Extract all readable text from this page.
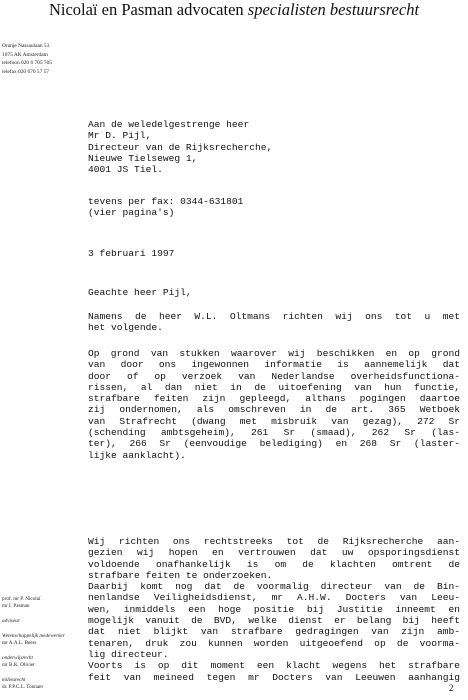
Nicolaï en Pasman advocaten specialisten bestuursrecht
Oranje Nassaulaan 53
1075 AK Amsterdam
telefoon 020 6 705 705
telefax 020 670 57 57
Aan de weledelgestrenge heer
Mr D. Pijl,
Directeur van de Rijksrecherche,
Nieuwe Tielseweg 1,
4001 JS Tiel.
tevens per fax: 0344-631801
(vier pagina's)
3 februari 1997
Geachte heer Pijl,
Namens de heer W.L. Oltmans richten wij ons tot u met
het volgende.
Op grond van stukken waarover wij beschikken en op grond
van door ons ingewonnen informatie is aannemelijk dat
door of op verzoek van Nederlandse overheidsfunctiona-
rissen, al dan niet in de uitoefening van hun functie,
strafbare feiten zijn gepleegd, althans pogingen daartoe
zij ondernomen, als omschreven in de art. 365 Wetboek
van Strafrecht (dwang met misbruik van gezag), 272 Sr
(schending ambtsgeheim), 261 Sr (smaad), 262 Sr (las-
ter), 266 Sr (eenvoudige belediging) en 268 Sr (laster-
lijke aanklacht).
Wij richten ons rechtstreeks tot de Rijksrecherche aan-
gezien wij hopen en vertrouwen dat uw opsporingsdienst
voldoende onafhankelijk is om de klachten omtrent de
strafbare feiten te onderzoeken.
Daarbij komt nog dat de voormalig directeur van de Bin-
nenlandse Veiligheidsdienst, mr A.H.W. Docters van Leeu-
wen, inmiddels een hoge positie bij Justitie inneemt en
mogelijk vanuit de BVD, welke dienst er belang bij heeft
dat niet blijkt van strafbare gedragingen van zijn amb-
tenaren, druk zou kunnen worden uitgeoefend op de voorma-
lig directeur.
Voorts is op dit moment een klacht wegens het strafbare
feit van meineed tegen mr Docters van Leeuwen aanhangig
prof. mr P. Nicolaï
mr I. Pasman
adviseur
Wetenschappelijk medewerker
mr A.A.L. Beers
onderwijsrecht
mr B.K. Olivier
milieurecht
dr. P.P.C.L. Tonnaer	2
